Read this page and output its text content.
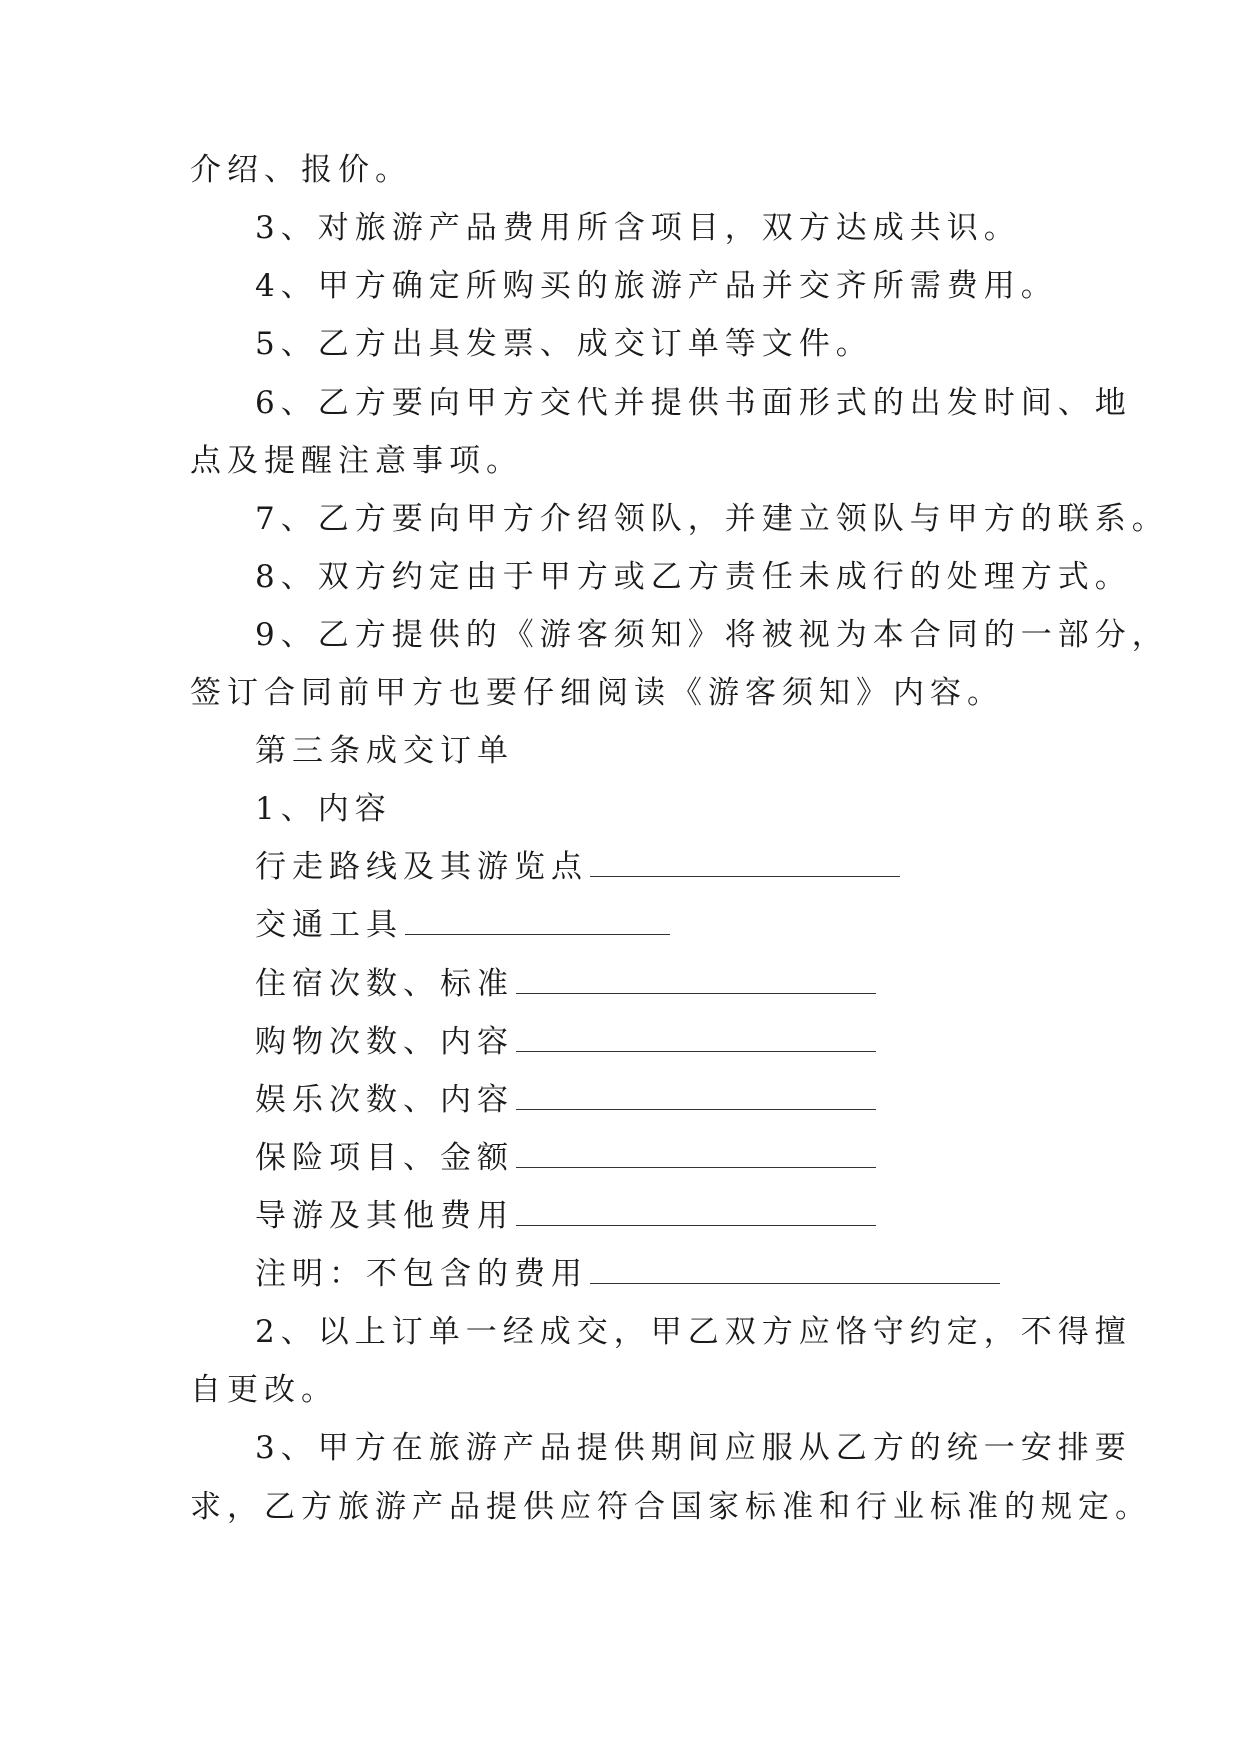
介绍、报价。
3、对旅游产品费用所含项目，双方达成共识。
4、甲方确定所购买的旅游产品并交齐所需费用。
5、乙方出具发票、成交订单等文件。
6、乙方要向甲方交代并提供书面形式的出发时间、地
点及提醒注意事项。
7、乙方要向甲方介绍领队，并建立领队与甲方的联系。
8、双方约定由于甲方或乙方责任未成行的处理方式。
9、乙方提供的《游客须知》将被视为本合同的一部分，
签订合同前甲方也要仔细阅读《游客须知》内容。
第三条成交订单
1、内容
行走路线及其游览点
交通工具
住宿次数、标准
购物次数、内容
娱乐次数、内容
保险项目、金额
导游及其他费用
注明：不包含的费用
2、以上订单一经成交，甲乙双方应恪守约定，不得擅
自更改。
3、甲方在旅游产品提供期间应服从乙方的统一安排要
求，乙方旅游产品提供应符合国家标准和行业标准的规定。
